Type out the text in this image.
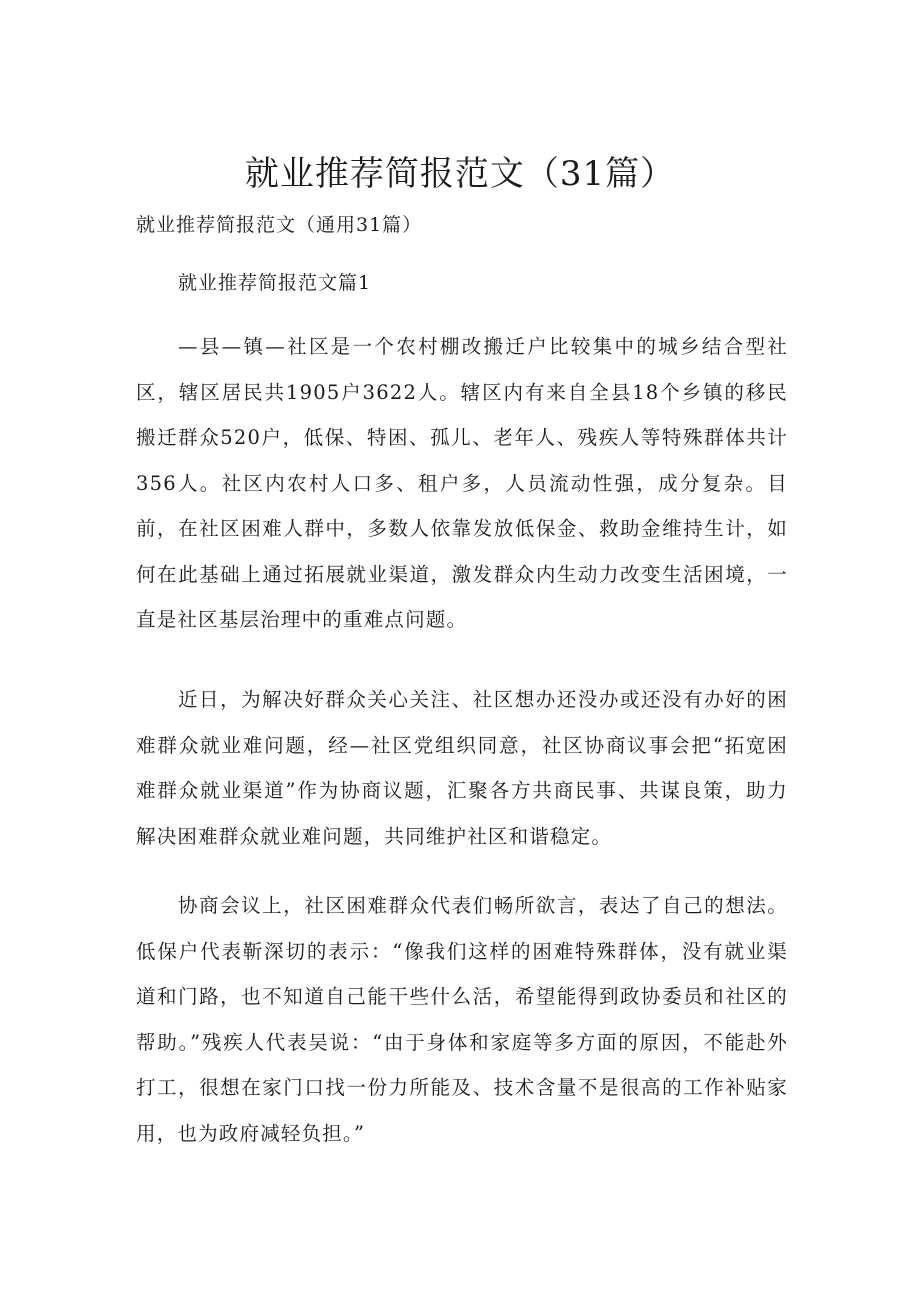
就业推荐简报范文（31篇）

就业推荐简报范文（通用31篇）

就业推荐简报范文篇1

—县—镇—社区是一个农村棚改搬迁户比较集中的城乡结合型社区，辖区居民共1905户3622人。辖区内有来自全县18个乡镇的移民搬迁群众520户，低保、特困、孤儿、老年人、残疾人等特殊群体共计356人。社区内农村人口多、租户多，人员流动性强，成分复杂。目前，在社区困难人群中，多数人依靠发放低保金、救助金维持生计，如何在此基础上通过拓展就业渠道，激发群众内生动力改变生活困境，一直是社区基层治理中的重难点问题。

近日，为解决好群众关心关注、社区想办还没办或还没有办好的困难群众就业难问题，经—社区党组织同意，社区协商议事会把“拓宽困难群众就业渠道”作为协商议题，汇聚各方共商民事、共谋良策，助力解决困难群众就业难问题，共同维护社区和谐稳定。

协商会议上，社区困难群众代表们畅所欲言，表达了自己的想法。低保户代表靳深切的表示：“像我们这样的困难特殊群体，没有就业渠道和门路，也不知道自己能干些什么活，希望能得到政协委员和社区的帮助。”残疾人代表吴说：“由于身体和家庭等多方面的原因，不能赴外打工，很想在家门口找一份力所能及、技术含量不是很高的工作补贴家用，也为政府减轻负担。”
